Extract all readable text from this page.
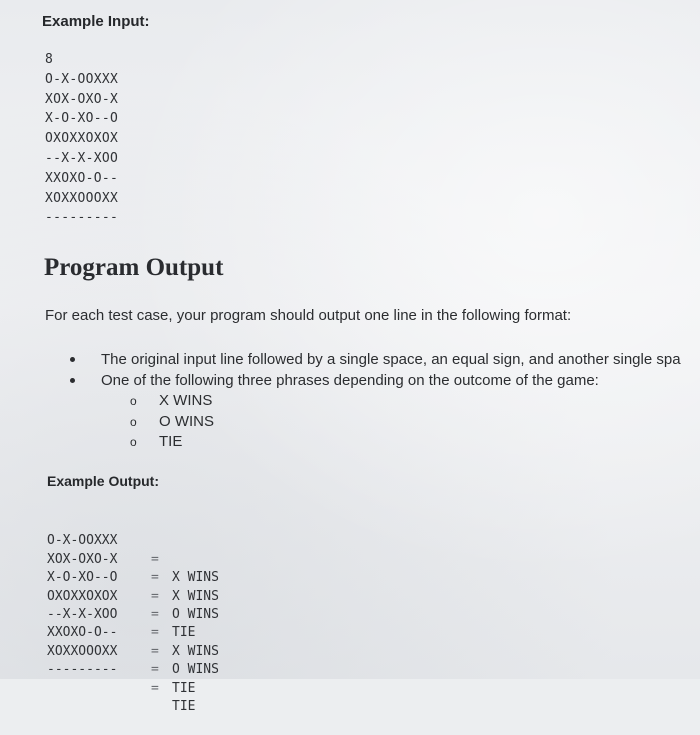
Example Input:
8
O-X-OOXXX
XOX-OXO-X
X-O-XO--O
OXOXXOXOX
--X-X-XOO
XXOXO-O--
XOXXOOOXX
---------
Program Output
For each test case, your program should output one line in the following format:
The original input line followed by a single space, an equal sign, and another single spa
One of the following three phrases depending on the outcome of the game:
o X WINS
o O WINS
o TIE
Example Output:

O-X-OOXXX

=

X WINS

XOX-OXO-X

=

X WINS

X-O-XO--O

=

O WINS

OXOXXOXOX

=

TIE

--X-X-XOO

=

X WINS

XXOXO-O--

=

O WINS

XOXXOOOXX

=

TIE

---------

=

TIE
